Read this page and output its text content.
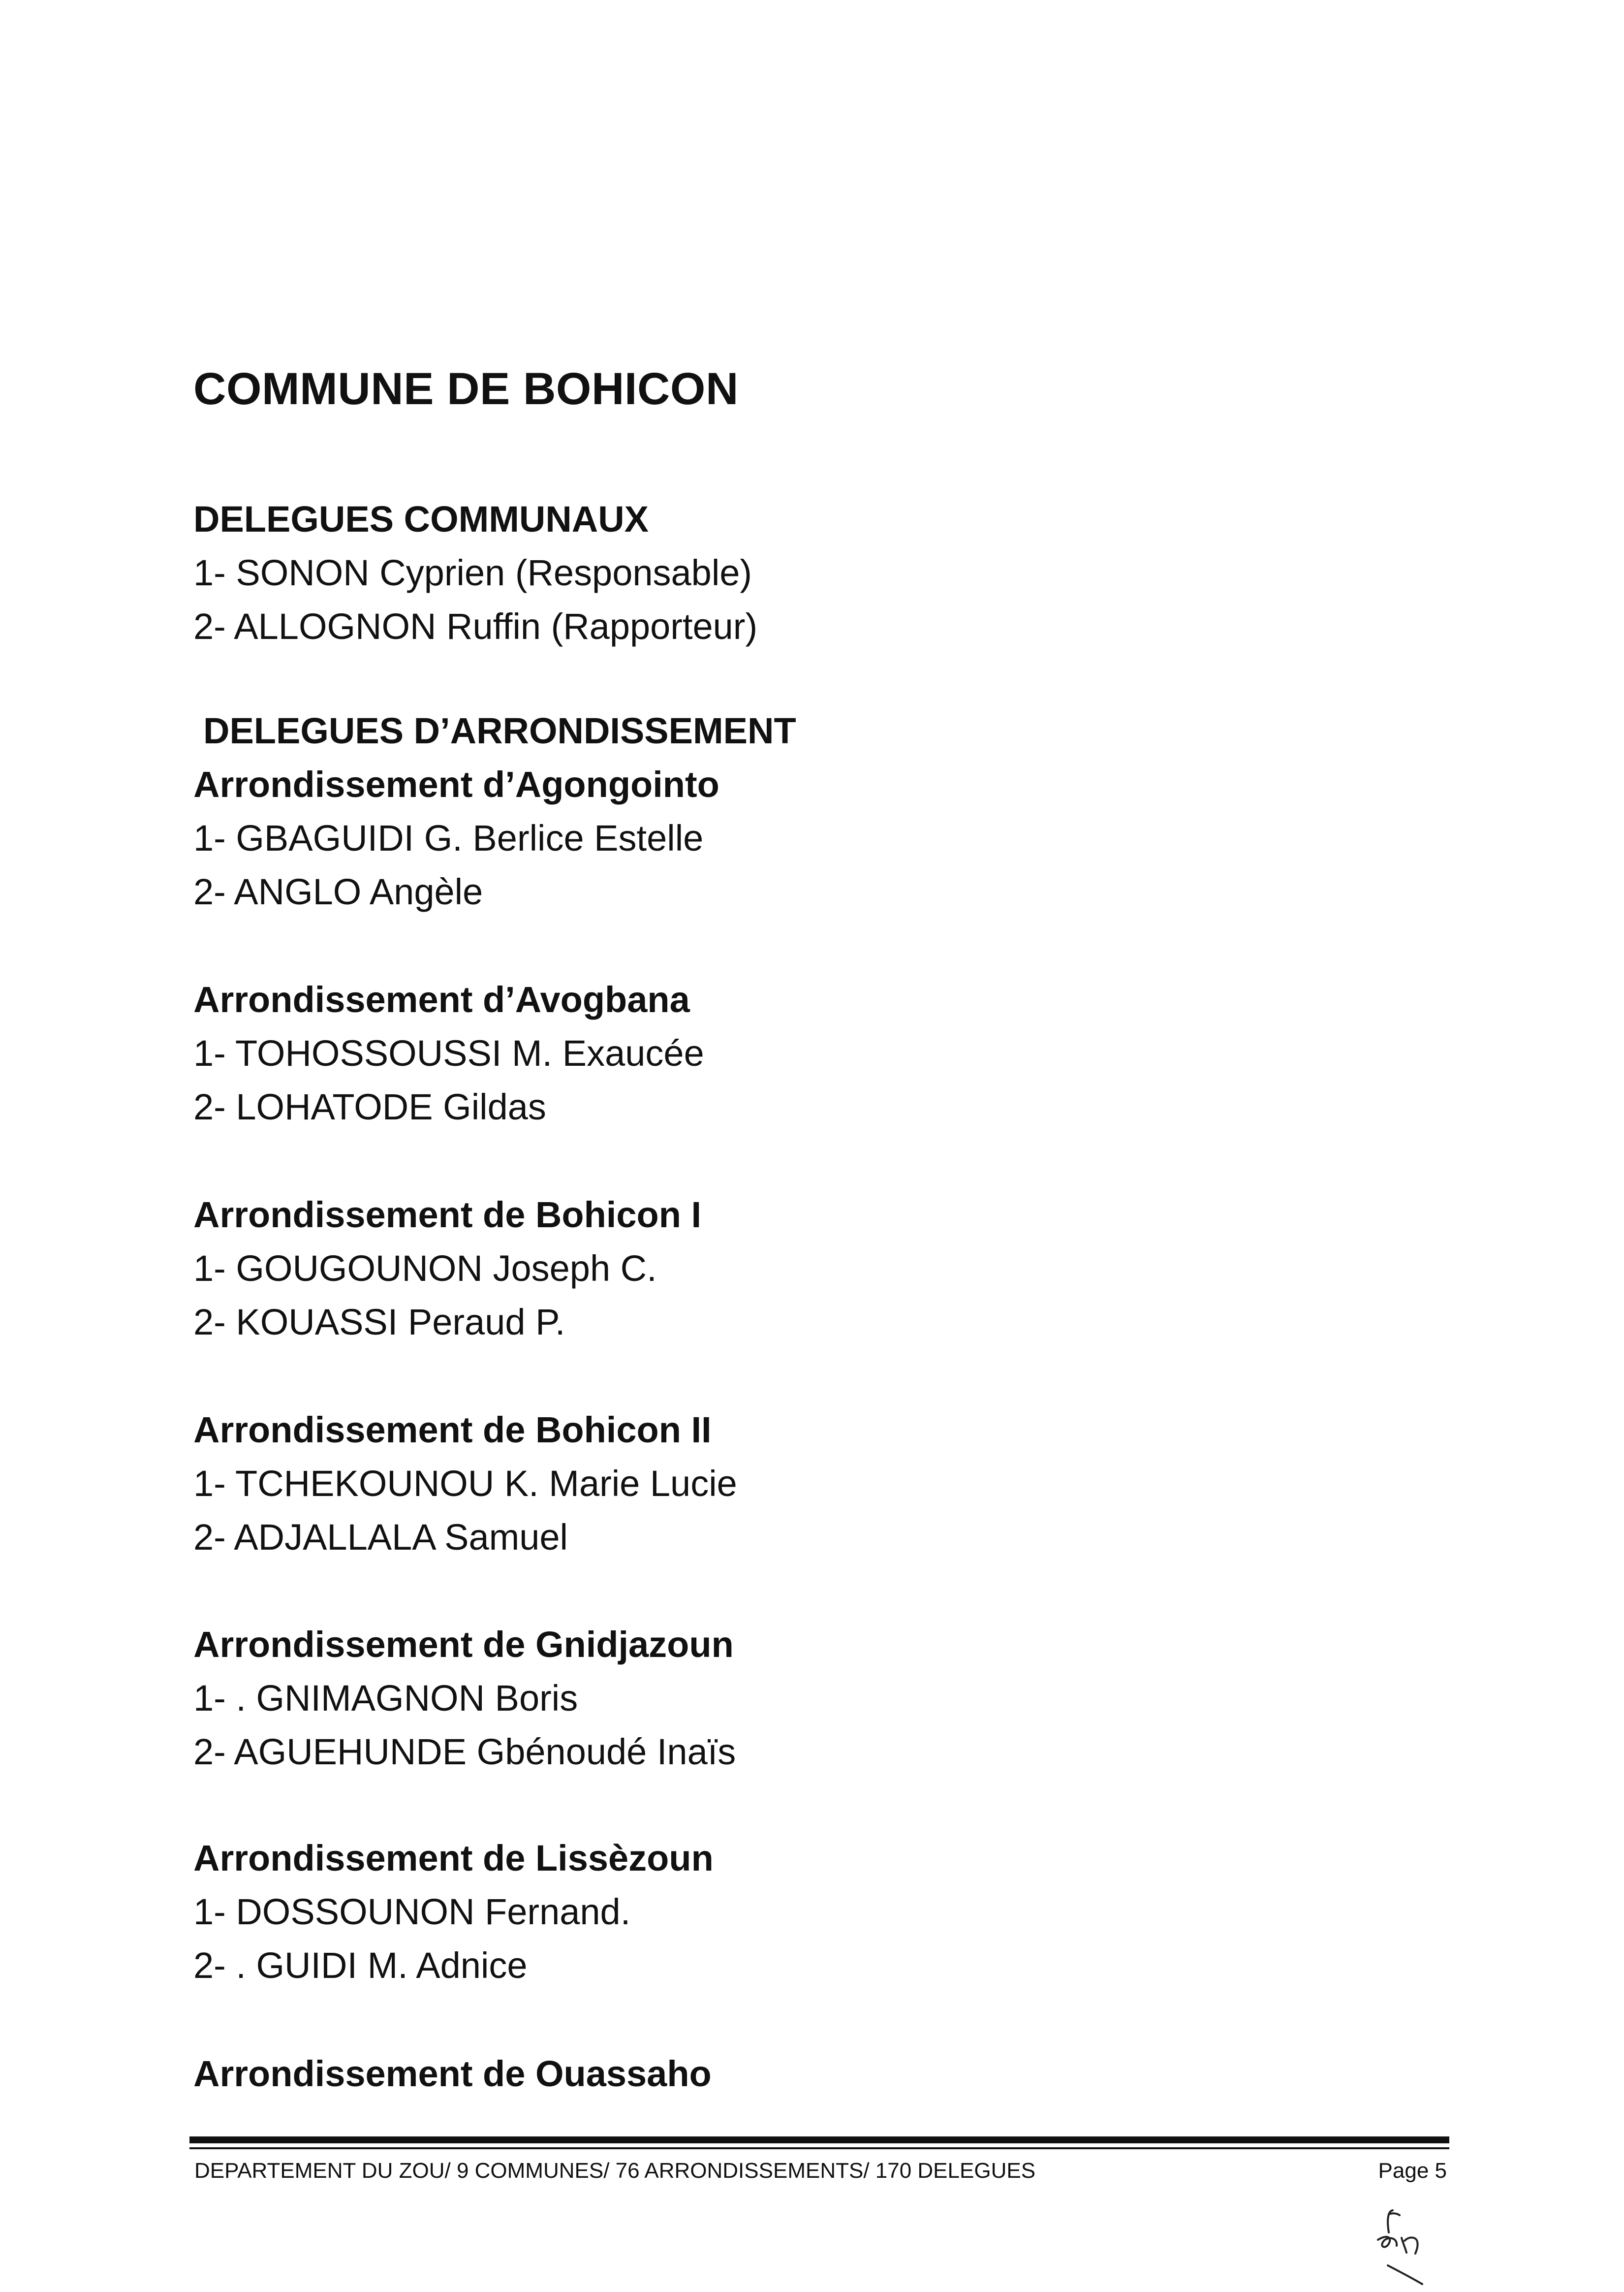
COMMUNE DE BOHICON
DELEGUES COMMUNAUX
1- SONON Cyprien (Responsable)
2- ALLOGNON Ruffin (Rapporteur)
DELEGUES D’ARRONDISSEMENT
Arrondissement d’Agongointo
1- GBAGUIDI G. Berlice Estelle
2- ANGLO Angèle
Arrondissement d’Avogbana
1- TOHOSSOUSSI M. Exaucée
2- LOHATODE Gildas
Arrondissement de Bohicon I
1- GOUGOUNON Joseph C.
2- KOUASSI Peraud P.
Arrondissement de Bohicon II
1- TCHEKOUNOU K. Marie Lucie
2- ADJALLALA Samuel
Arrondissement de Gnidjazoun
1- . GNIMAGNON Boris
2- AGUEHUNDE Gbénoudé Inaïs
Arrondissement de Lissèzoun
1- DOSSOUNON Fernand.
2- . GUIDI M. Adnice
Arrondissement de Ouassaho
DEPARTEMENT DU ZOU/ 9 COMMUNES/ 76 ARRONDISSEMENTS/ 170 DELEGUES	Page 5
